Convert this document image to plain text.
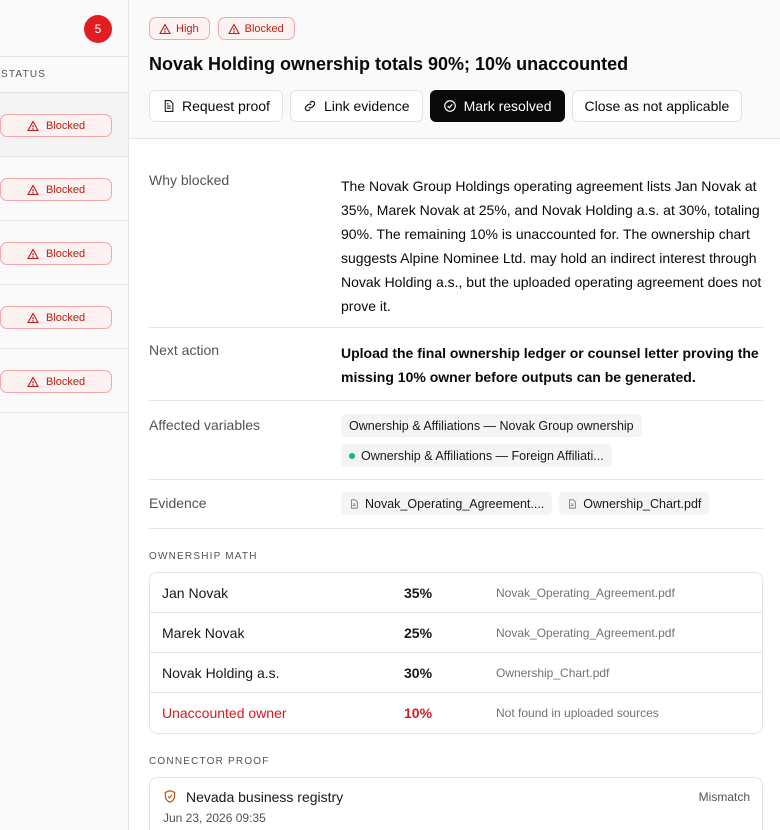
5
STATUS
Blocked
Blocked
Blocked
Blocked
Blocked
High	Blocked
Novak Holding ownership totals 90%; 10% unaccounted
Request proof	Link evidence	Mark resolved Close as not applicable
Why blocked	The Novak Group Holdings operating agreement lists Jan Novak at 35%, Marek Novak at 25%, and Novak Holding a.s. at 30%, totaling 90%. The remaining 10% is unaccounted for. The ownership chart suggests Alpine Nominee Ltd. may hold an indirect interest through Novak Holding a.s., but the uploaded operating agreement does not prove it.
Next action	Upload the final ownership ledger or counsel letter proving the missing 10% owner before outputs can be generated.
Affected variables	Ownership & Affiliations — Novak Group ownership
Ownership & Affiliations — Foreign Affiliati...
Evidence	Novak_Operating_Agreement....	Ownership_Chart.pdf
OWNERSHIP MATH
Jan Novak	35%	Novak_Operating_Agreement.pdf
Marek Novak	25%	Novak_Operating_Agreement.pdf
Novak Holding a.s.	30%	Ownership_Chart.pdf
Unaccounted owner	10%	Not found in uploaded sources
CONNECTOR PROOF
Nevada business registry
Jun 23, 2026 09:35
Mismatch
